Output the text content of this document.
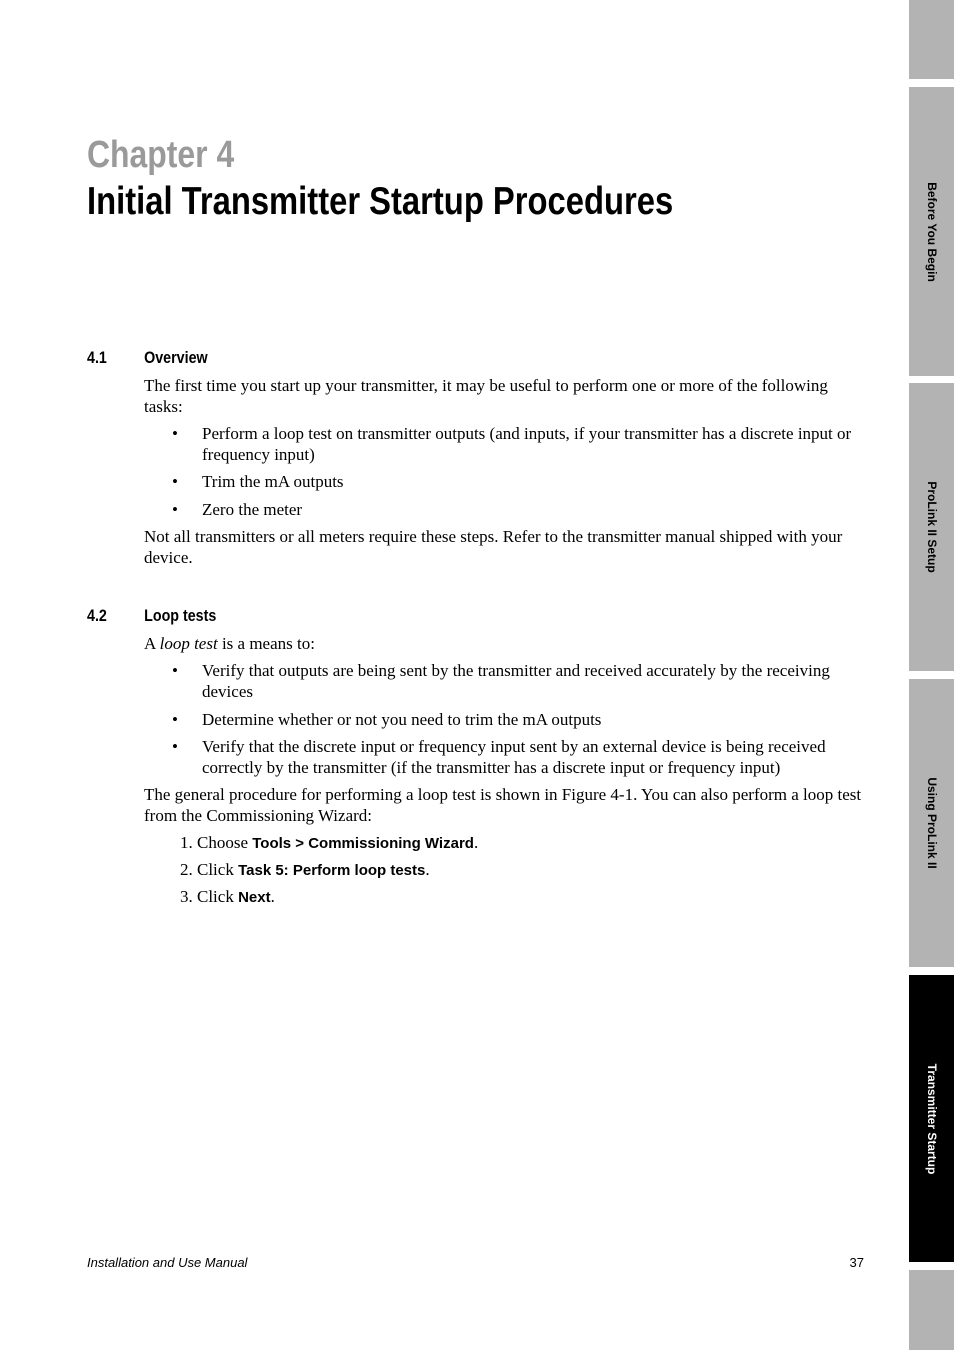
Chapter 4
Initial Transmitter Startup Procedures
4.1 Overview

The first time you start up your transmitter, it may be useful to perform one or more of the following tasks:

• Perform a loop test on transmitter outputs (and inputs, if your transmitter has a discrete input or frequency input)
• Trim the mA outputs
• Zero the meter

Not all transmitters or all meters require these steps. Refer to the transmitter manual shipped with your device.

4.2 Loop tests

A loop test is a means to:

• Verify that outputs are being sent by the transmitter and received accurately by the receiving devices
• Determine whether or not you need to trim the mA outputs
• Verify that the discrete input or frequency input sent by an external device is being received correctly by the transmitter (if the transmitter has a discrete input or frequency input)

The general procedure for performing a loop test is shown in Figure 4-1. You can also perform a loop test from the Commissioning Wizard:

1. Choose Tools > Commissioning Wizard.

2. Click Task 5: Perform loop tests.

3. Click Next.

Installation and Use Manual	37
Before You Begin
ProLink II Setup
Using ProLink II
Transmitter Startup
